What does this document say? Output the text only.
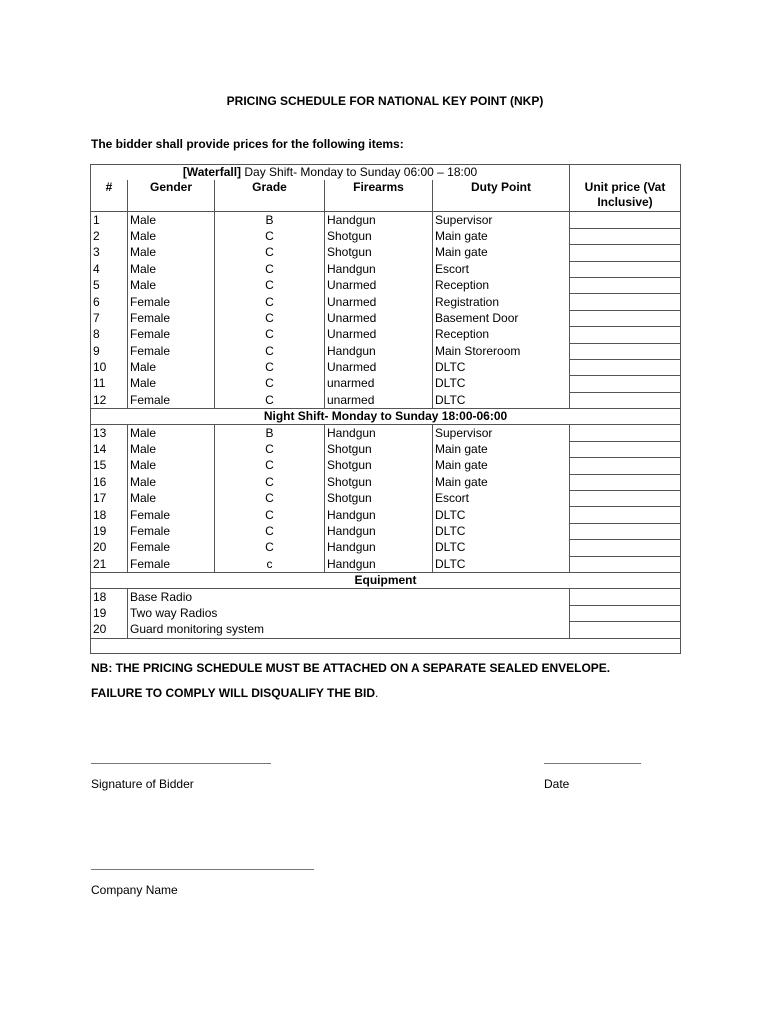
PRICING SCHEDULE FOR NATIONAL KEY POINT (NKP)
The bidder shall provide prices for the following items:
[Waterfall] Day Shift- Monday to Sunday 06:00 – 18:00					
#	Gender	Grade	Firearms	Duty Point	Unit price (Vat Inclusive)
1	Male	B	Handgun	Supervisor	
2	Male	C	Shotgun	Main gate	
3	Male	C	Shotgun	Main gate	
4	Male	C	Handgun	Escort	
5	Male	C	Unarmed	Reception	
6	Female	C	Unarmed	Registration	
7	Female	C	Unarmed	Basement Door	
8	Female	C	Unarmed	Reception	
9	Female	C	Handgun	Main Storeroom	
10	Male	C	Unarmed	DLTC	
11	Male	C	unarmed	DLTC	
12	Female	C	unarmed	DLTC	
Night Shift- Monday to Sunday 18:00-06:00					
13	Male	B	Handgun	Supervisor	
14	Male	C	Shotgun	Main gate	
15	Male	C	Shotgun	Main gate	
16	Male	C	Shotgun	Main gate	
17	Male	C	Shotgun	Escort	
18	Female	C	Handgun	DLTC	
19	Female	C	Handgun	DLTC	
20	Female	C	Handgun	DLTC	
21	Female	c	Handgun	DLTC	
Equipment					
18	Base Radio				
19	Two way Radios				
20	Guard monitoring system				

NB: THE PRICING SCHEDULE MUST BE ATTACHED ON A SEPARATE SEALED ENVELOPE.
FAILURE TO COMPLY WILL DISQUALIFY THE BID.
Signature of Bidder	Date
Company Name
